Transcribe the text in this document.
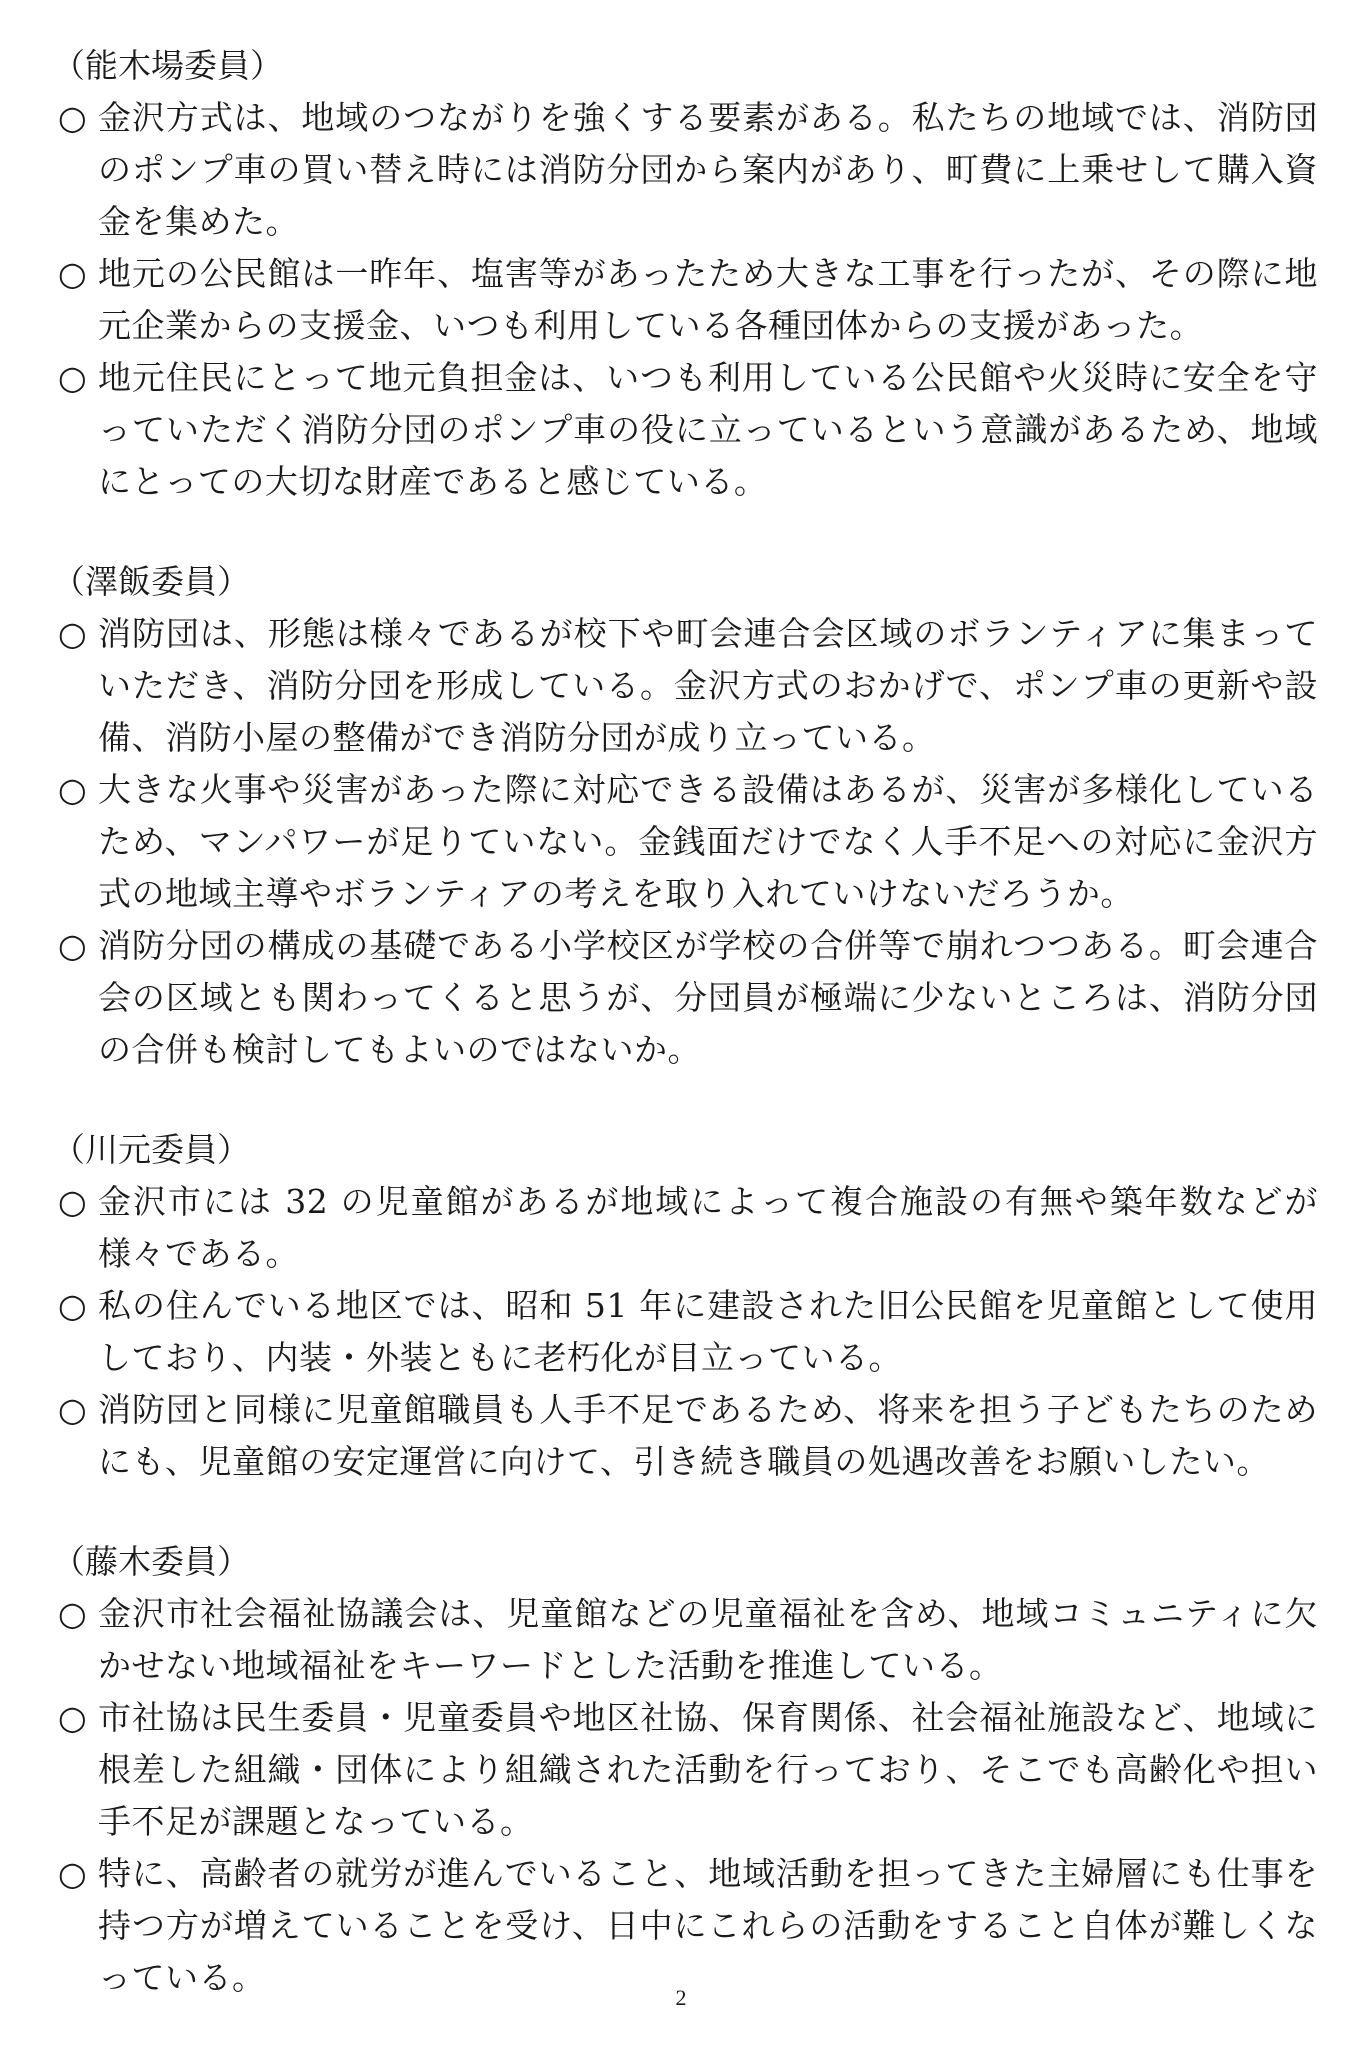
（能木場委員）
○ 金沢方式は、地域のつながりを強くする要素がある。私たちの地域では、消防団のポンプ車の買い替え時には消防分団から案内があり、町費に上乗せして購入資金を集めた。
○ 地元の公民館は一昨年、塩害等があったため大きな工事を行ったが、その際に地元企業からの支援金、いつも利用している各種団体からの支援があった。
○ 地元住民にとって地元負担金は、いつも利用している公民館や火災時に安全を守っていただく消防分団のポンプ車の役に立っているという意識があるため、地域にとっての大切な財産であると感じている。
（澤飯委員）
○ 消防団は、形態は様々であるが校下や町会連合会区域のボランティアに集まっていただき、消防分団を形成している。金沢方式のおかげで、ポンプ車の更新や設備、消防小屋の整備ができ消防分団が成り立っている。
○ 大きな火事や災害があった際に対応できる設備はあるが、災害が多様化しているため、マンパワーが足りていない。金銭面だけでなく人手不足への対応に金沢方式の地域主導やボランティアの考えを取り入れていけないだろうか。
○ 消防分団の構成の基礎である小学校区が学校の合併等で崩れつつある。町会連合会の区域とも関わってくると思うが、分団員が極端に少ないところは、消防分団の合併も検討してもよいのではないか。
（川元委員）
○ 金沢市には 32 の児童館があるが地域によって複合施設の有無や築年数などが様々である。
○ 私の住んでいる地区では、昭和 51 年に建設された旧公民館を児童館として使用しており、内装・外装ともに老朽化が目立っている。
○ 消防団と同様に児童館職員も人手不足であるため、将来を担う子どもたちのためにも、児童館の安定運営に向けて、引き続き職員の処遇改善をお願いしたい。
（藤木委員）
○ 金沢市社会福祉協議会は、児童館などの児童福祉を含め、地域コミュニティに欠かせない地域福祉をキーワードとした活動を推進している。
○ 市社協は民生委員・児童委員や地区社協、保育関係、社会福祉施設など、地域に根差した組織・団体により組織された活動を行っており、そこでも高齢化や担い手不足が課題となっている。
○ 特に、高齢者の就労が進んでいること、地域活動を担ってきた主婦層にも仕事を持つ方が増えていることを受け、日中にこれらの活動をすること自体が難しくなっている。
2
